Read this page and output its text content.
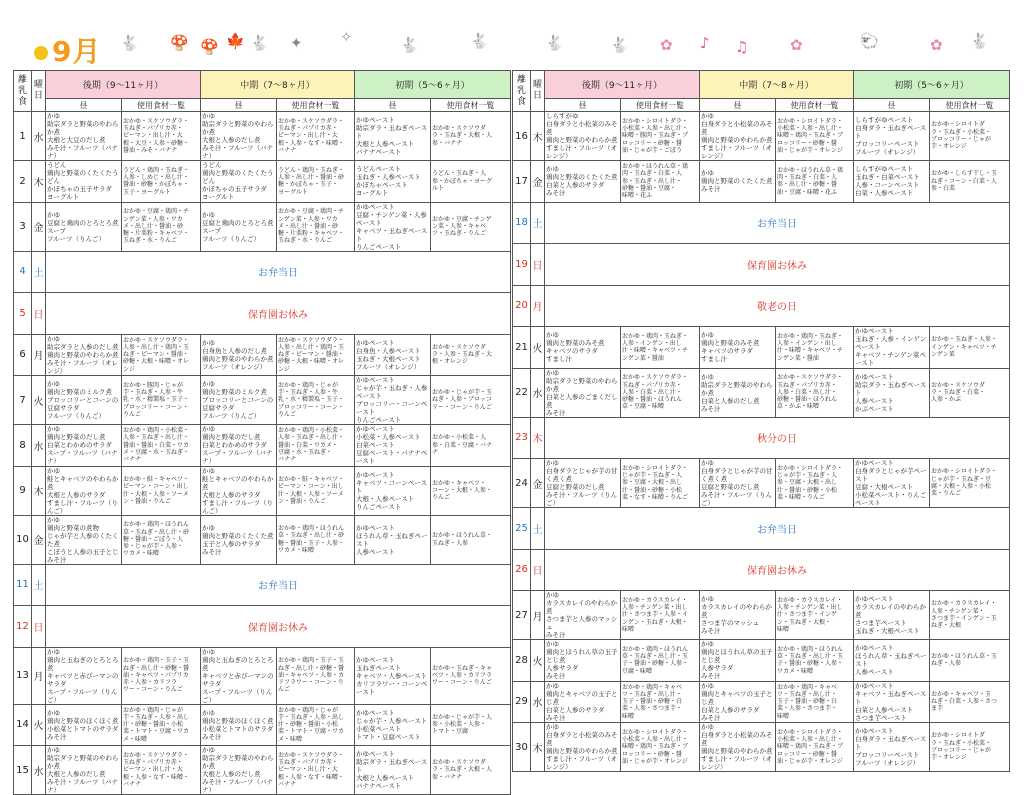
9月 🐇 🍄 🍄 🍁 🐇 ✦ ✧	🐇	🐇	🐇	🐇 ✿ ♪ ♫	✿	🐑	✿ 🐇
離乳食	曜日	後期（9〜11ヶ月）		中期（7〜8ヶ月）		初期（5〜6ヶ月）	
		昼	使用食材一覧	昼	使用食材一覧	昼	使用食材一覧
1	水	かゆ
助宗ダラと野菜のやわらか煮
大根と大豆のだし煮
みそ汁・フルーツ（バナナ）	おかゆ・スケソウダラ・
玉ねぎ・パプリカ赤・
ピーマン・出し汁・大
根・大豆・人参・砂糖・
醤油・みそ・バナナ	かゆ
助宗ダラと野菜のやわらか煮
大根と人参のだし煮
みそ汁・フルーツ（バナナ）	おかゆ・スケソウダラ・
玉ねぎ・パプリカ赤・
ピーマン・出し汁・大
根・人参・なす・味噌・
バナナ	かゆペースト
助宗ダラ・玉ねぎペースト
大根と人参ペースト
バナナペースト	おかゆ・スケソウダ
ラ・玉ねぎ・大根・人
参・バナナ
2	木	うどん
鶏肉と野菜のくたくたうどん
かぼちゃの玉子サラダ
ヨーグルト	うどん・鶏肉・玉ねぎ・
人参・しめじ・出し汁・
醤油・砂糖・かぼちゃ・
玉子・ヨーグルト	うどん
鶏肉と野菜のくたくたうどん
かぼちゃの玉子サラダ
ヨーグルト	うどん・鶏肉・玉ねぎ・
人参・出し汁・醤油・砂
糖・かぼちゃ・玉子・
ヨーグルト	うどんペースト
玉ねぎ・人参ペースト
かぼちゃペースト
ヨーグルト	うどん・玉ねぎ・人
参・かぼちゃ・ヨーグ
ルト
3	金	かゆ
豆腐と鶏肉のとろとろ煮
スープ
フルーツ（りんご）	おかゆ・豆腐・鶏肉・チ
ンゲン菜・人参・ワカ
メ・出し汁・醤油・砂
糖・片栗粉・キャベツ・
玉ねぎ・水・りんご	かゆ
豆腐と鶏肉のとろとろ煮
スープ
フルーツ（りんご）	おかゆ・豆腐・鶏肉・チ
ンゲン菜・人参・ワカ
メ・出し汁・醤油・砂
糖・片栗粉・キャベツ・
玉ねぎ・水・りんご	かゆペースト
豆腐・チンゲン菜・人参ペースト
キャベツ・玉ねぎペースト
りんごペースト	おかゆ・豆腐・チンゲ
ン菜・人参・キャベ
ツ・玉ねぎ・りんご
4	土	お弁当日					
5	日	保育園お休み					
6	月	かゆ
助宗ダラと人参のだし煮
鶏肉と野菜のやわらか煮
みそ汁・フルーツ（オレンジ）	おかゆ・スケソウダラ・
人参・出し汁・鶏肉・玉
ねぎ・ピーマン・醤油・
砂糖・大根・味噌・オレ
ンジ	かゆ
白身魚と人参のだし煮
鶏肉と野菜のやわらか煮
フルーツ（オレンジ）	おかゆ・スケソウダラ・
人参・出し汁・鶏肉・玉
ねぎ・ピーマン・醤油・
砂糖・大根・味噌・オレ
ンジ	かゆペースト
白身魚・人参ペースト
玉ねぎ・大根ペースト
フルーツ（オレンジ）	おかゆ・スケソウダ
ラ・人参・玉ねぎ・大
根・オレンジ
7	火	かゆ
鶏肉と野菜のミルク煮
ブロッコリーとコーンの豆腐サラダ
フルーツ（りんご）	おかゆ・豚肉・じゃが
芋・玉ねぎ・人参・牛
乳・水・精製塩・玉子・
ブロッコリー・コーン・
りんご	かゆ
鶏肉と野菜のミルク煮
ブロッコリーとコーンの豆腐サラダ
フルーツ（りんご）	おかゆ・鶏肉・じゃが
芋・玉ねぎ・人参・牛
乳・水・精製塩・玉子・
ブロッコリー・コーン・
りんご	かゆペースト
じゃが芋・玉ねぎ・人参ペースト
ブロッコリー・コーンペースト
りんごペースト	おかゆ・じゃが芋・玉
ねぎ・人参・ブロッコ
リー・コーン・りんご
8	水	かゆ
鶏肉と野菜のだし煮
白菜とわかめのサラダ
スープ・フルーツ（バナナ）	おかゆ・鶏肉・小松菜・
人参・玉ねぎ・出し汁・
醤油・醤油・白菜・ワカ
メ・豆腐・水・玉ねぎ・
バナナ	かゆ
鶏肉と野菜のだし煮
白菜とわかめのサラダ
スープ・フルーツ（バナナ）	おかゆ・鶏肉・小松菜・
人参・玉ねぎ・出し汁・
醤油・白菜・ワカメ・
豆腐・水・玉ねぎ・
バナナ	かゆペースト
小松菜・人参ペースト
白菜ペースト
豆腐ペースト・バナナペースト	おかゆ・小松菜・人
参・白菜・豆腐・バナ
ナ
9	木	かゆ
鮭とキャベツのやわらか煮
大根と人参のサラダ
すまし汁・フルーツ（りんご）	おかゆ・鮭・キャベツ・
ピーマン・コーン・出し
汁・大根・人参・ソーメ
ン・醤油・りんご	かゆ
鮭とキャベツのやわらか煮
大根と人参のサラダ
すまし汁・フルーツ（りんご）	おかゆ・鮭・キャベツ・
ピーマン・コーン・出し
汁・大根・人参・ソーメ
ン・醤油・りんご	かゆペースト
キャベツ・コーンペースト
大根・人参ペースト
りんごペースト	おかゆ・キャベツ・
コーン・大根・人参・
りんご
10	金	かゆ
鶏肉と野菜の煮物
じゃが芋と人参のくたくた煮
こぼうと人参の玉子とじ
みそ汁	おかゆ・鶏肉・ほうれん
草・玉ねぎ・出し汁・砂
糖・醤油・ごぼう・人
参・じゃが芋・人参・
ワカメ・味噌	かゆ
鶏肉と野菜のくたくた煮
玉子と人参のサラダ
みそ汁	おかゆ・鶏肉・ほうれん
草・玉ねぎ・出し汁・砂
糖・醤油・玉子・人参・
ワカメ・味噌	かゆペースト
ほうれん草・玉ねぎペースト
人参ペースト	おかゆ・ほうれん草・
玉ねぎ・人参
11	土	お弁当日					
12	日	保育園お休み					
13	月	かゆ
鶏肉と玉ねぎのとろとろ煮
キャベツと赤ぴーマンのサラダ
スープ・フルーツ（りんご）	おかゆ・鶏肉・玉子・玉
ねぎ・出し汁・砂糖・醤
油・キャベツ・パプリカ
赤・人参・カリフラ
ワー・コーン・りんご	かゆ
鶏肉と玉ねぎのとろとろ煮
キャベツと赤ぴーマンのサラダ
スープ・フルーツ（りんご）	おかゆ・鶏肉・玉子・玉
ねぎ・出し汁・砂糖・醤
油・キャベツ・人参・カ
リフラワー・コーン・り
んご	かゆペースト
玉ねぎペースト
キャベツ・人参ペースト
カリフラワー・コーンペースト	おかゆ・玉ねぎ・キャ
ベツ・人参・カリフラ
ワー・コーン・りんご
14	火	かゆ
鶏肉と野菜のほくほく煮
小松菜とトマトのサラダ
みそ汁	おかゆ・鶏肉・じゃが
芋・玉ねぎ・人参・出し
汁・砂糖・醤油・小松
菜・トマト・豆腐・ワカ
メ・味噌	かゆ
鶏肉と野菜のほくほく煮
小松菜とトマトのサラダ
みそ汁	おかゆ・鶏肉・じゃが
芋・玉ねぎ・人参・出し
汁・砂糖・醤油・小松
菜・トマト・豆腐・ワカ
メ・味噌	かゆペースト
じゃが芋・人参ペースト
小松菜ペースト
トマト・豆腐ペースト	おかゆ・じゃが芋・人
参・小松菜・人参・
トマト・豆腐
15	水	かゆ
助宗ダラと野菜のやわらか煮
大根と人参のだし煮
みそ汁・フルーツ（バナナ）	おかゆ・スケソウダラ・
玉ねぎ・パプリカ赤・
ピーマン・出し汁・大
根・人参・なす・味噌・
バナナ	かゆ
助宗ダラと野菜のやわらか煮
大根と人参のだし煮
みそ汁・フルーツ（バナナ）	おかゆ・スケソウダラ・
玉ねぎ・パプリカ赤・
ピーマン・出し汁・大
根・人参・なす・味噌・
バナナ	かゆペースト
助宗ダラ・玉ねぎペースト
大根と人参ペースト
バナナペースト	おかゆ・スケソウダ
ラ・玉ねぎ・大根・人
参・バナナ
離乳食	曜日	後期（9〜11ヶ月）		中期（7〜8ヶ月）		初期（5〜6ヶ月）	
		昼	使用食材一覧	昼	使用食材一覧	昼	使用食材一覧
16	木	しらすがゆ
白身ダラと小松菜のみそ煮
鶏肉と野菜のやわらか煮
すまし汁・フルーツ（オレンジ）	おかゆ・シロイトダラ・
小松菜・人参・出し汁・
味噌・豚肉・玉ねぎ・ブ
ロッコリー・砂糖・醤
油・じゃが芋・ごぼう	かゆ
白身ダラと小松菜のみそ煮
鶏肉と野菜のやわらか煮
すまし汁・フルーツ（オレンジ）	おかゆ・シロイトダラ・
小松菜・人参・出し汁・
味噌・鶏肉・玉ねぎ・ブ
ロッコリー・砂糖・醤
油・じゃが芋・オレンジ	しらすがゆペースト
白身ダラ・玉ねぎペースト
ブロッコリーペースト
フルーツ（オレンジ）	おかゆ・シロイトダ
ラ・玉ねぎ・小松菜・
ブロッコリー・じゃが
芋・オレンジ
17	金	かゆ
鶏肉と野菜のくたくた煮
白菜と人参のサラダ
みそ汁	おかゆ・ほうれん草・鶏
肉・玉ねぎ・白菜・人
参・玉ねぎ・出し汁・
砂糖・醤油・豆腐・
味噌・花ふ	かゆ
鶏肉と野菜のくたくた煮
みそ汁	おかゆ・ほうれん草・鶏
肉・玉ねぎ・白菜・人
参・出し汁・砂糖・醤
油・豆腐・味噌・花ふ	しらすがゆペースト
玉ねぎ・白菜ペースト
人参・コーンペースト
白菜・人参ペースト	おかゆ・しらす干し・玉
ねぎ・コーン・白菜・人
参・白菜
18	土	お弁当日					
19	日	保育園お休み					
20	月	敬老の日					
21	火	かゆ
鶏肉と野菜のみそ煮
キャベツのサラダ
すまし汁	おかゆ・鶏肉・玉ねぎ・
人参・インゲン・出し
汁・味噌・キャベツ・チ
ンゲン菜・醤油	かゆ
鶏肉と野菜のみそ煮
キャベツのサラダ
すまし汁	おかゆ・鶏肉・玉ねぎ・
人参・インゲン・出し
汁・味噌・キャベツ・チ
ンゲン菜・醤油	かゆペースト
玉ねぎ・人参・インゲンペースト
キャベツ・チンゲン菜ペースト	おかゆ・玉ねぎ・人参・
インゲン・キャベツ・チ
ンゲン菜
22	水	かゆ
助宗ダラと野菜のやわらか煮
白菜と人参のごまくだし煮
みそ汁	おかゆ・スケソウダラ・
玉ねぎ・パプリカ赤・
人参・白菜・出し汁・
砂糖・醤油・ほうれん
草・豆腐・味噌	かゆ
助宗ダラと野菜のやわらか煮
白菜と人参のだし煮
みそ汁	おかゆ・スケソウダラ・
玉ねぎ・パプリカ赤・
人参・白菜・出し汁・
砂糖・醤油・ほうれん
草・かぶ・味噌	かゆペースト
助宗ダラ・玉ねぎペースト
人参ペースト
かぶペースト	おかゆ・スケソウダ
ラ・玉ねぎ・白菜・
人参・かぶ
23	木	秋分の日					
24	金	かゆ
白身ダラとじゃが芋の甘く煮く煮
豆腐と野菜のだし煮
みそ汁・フルーツ（りんご）	おかゆ・シロイトダラ・
じゃが芋・玉ねぎ・人
参・豆腐・大根・出し
汁・醤油・砂糖・小松
菜・なす・味噌・りんご	かゆ
白身ダラとじゃが芋の甘く煮く煮
豆腐と野菜のだし煮
みそ汁・フルーツ（りんご）	おかゆ・シロイトダラ・
じゃが芋・玉ねぎ・人
参・豆腐・大根・出し
汁・醤油・砂糖・小松
菜・味噌・りんご	かゆペースト
白身ダラとじゃが芋ペースト
豆腐・大根ペースト
小松菜ペースト・りんごペースト	おかゆ・シロイトダラ・
じゃが芋・玉ねぎ・豆
腐・大根・人参・小松
菜・りんご
25	土	お弁当日					
26	日	保育園お休み					
27	月	かゆ
カラスカレイのやわらか煮
さつま芋と人参のマッシュ
みそ汁	おかゆ・カラスカレイ・
人参・チンゲン菜・出し
汁・さつま芋・人参・イ
ンゲン・玉ねぎ・大根・
味噌	かゆ
カラスカレイのやわらか煮
さつま芋のマッシュ
みそ汁	おかゆ・カラスカレイ・
人参・チンゲン菜・出し
汁・さつま芋・インゲ
ン・玉ねぎ・大根・
味噌	かゆペースト
カラスカレイのやわらか煮
さつま芋ペースト
玉ねぎ・大根ペースト	おかゆ・カラスカレイ・
人参・チンゲン菜・
さつま芋・インゲン・玉
ねぎ・大根
28	火	かゆ
鶏肉とほうれん草の玉子とじ煮
人参サラダ
みそ汁	おかゆ・鶏肉・ほうれん
草・玉ねぎ・出し汁・玉
子・醤油・砂糖・人参・
豆腐・味噌	かゆ
鶏肉とほうれん草の玉子とじ煮
人参サラダ
みそ汁	おかゆ・鶏肉・ほうれん
草・玉ねぎ・出し汁・玉
子・醤油・砂糖・人参・
ワカメ・味噌	かゆペースト
ほうれん草・玉ねぎペースト
人参ペースト	おかゆ・ほうれん草・玉
ねぎ・人参
29	水	かゆ
鶏肉とキャベツの玉子とじ煮
白菜と人参のサラダ
みそ汁	おかゆ・鶏肉・キャベ
ツ・玉ねぎ・出し汁・
玉子・醤油・砂糖・白
菜・人参・さつま芋・
味噌	かゆ
鶏肉とキャベツの玉子とじ煮
白菜と人参のサラダ
みそ汁	おかゆ・鶏肉・キャベ
ツ・玉ねぎ・出し汁・
玉子・醤油・砂糖・白
菜・人参・さつま芋・
味噌	かゆペースト
キャベツ・玉ねぎペースト
白菜と人参ペースト
さつま芋ペースト	おかゆ・キャベツ・玉
ねぎ・白菜・人参・さつ
ま芋
30	木	かゆ
白身ダラと小松菜のみそ煮
鶏肉と野菜のやわらか煮
すまし汁・フルーツ（オレンジ）	おかゆ・シロイトダラ・
小松菜・人参・出し汁・
味噌・鶏肉・玉ねぎ・ブ
ロッコリー・砂糖・醤
油・じゃが芋・オレンジ	かゆ
白身ダラと小松菜のみそ煮
鶏肉と野菜のやわらか煮
すまし汁・フルーツ（オレンジ）	おかゆ・シロイトダラ・
小松菜・人参・出し汁・
味噌・鶏肉・玉ねぎ・ブ
ロッコリー・砂糖・醤
油・じゃが芋・オレンジ	かゆペースト
白身ダラ・玉ねぎペースト
ブロッコリーペースト
フルーツ（オレンジ）	おかゆ・シロイトダ
ラ・玉ねぎ・小松菜・
ブロッコリー・じゃが
芋・オレンジ
